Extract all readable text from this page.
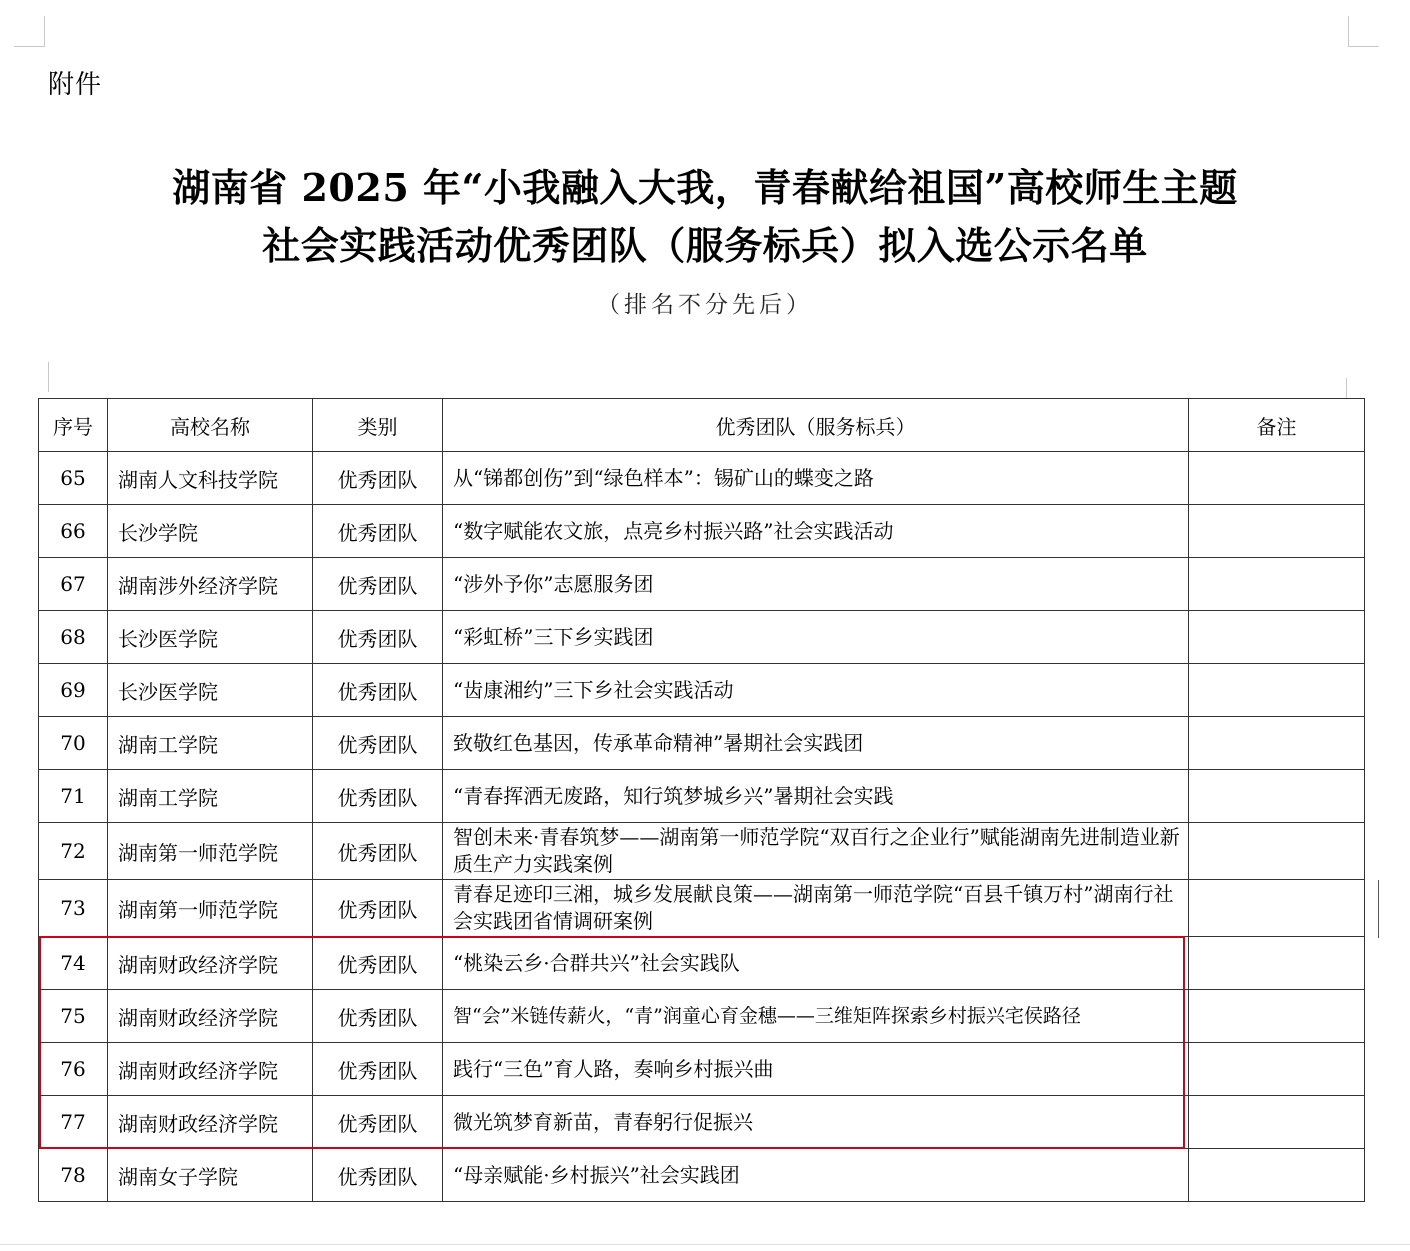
附件
湖南省 2025 年“小我融入大我，青春献给祖国”高校师生主题
社会实践活动优秀团队（服务标兵）拟入选公示名单
（排名不分先后）
序号	高校名称	类别	优秀团队（服务标兵）	备注
65	湖南人文科技学院	优秀团队	从“锑都创伤”到“绿色样本”：锡矿山的蝶变之路	
66	长沙学院	优秀团队	“数字赋能农文旅，点亮乡村振兴路”社会实践活动	
67	湖南涉外经济学院	优秀团队	“涉外予你”志愿服务团	
68	长沙医学院	优秀团队	“彩虹桥”三下乡实践团	
69	长沙医学院	优秀团队	“齿康湘约”三下乡社会实践活动	
70	湖南工学院	优秀团队	致敬红色基因，传承革命精神”暑期社会实践团	
71	湖南工学院	优秀团队	“青春挥洒无废路，知行筑梦城乡兴”暑期社会实践	
72	湖南第一师范学院	优秀团队	智创未来·青春筑梦——湖南第一师范学院“双百行之企业行”赋能湖南先进制造业新质生产力实践案例	
73	湖南第一师范学院	优秀团队	青春足迹印三湘，城乡发展献良策——湖南第一师范学院“百县千镇万村”湖南行社会实践团省情调研案例	
74	湖南财政经济学院	优秀团队	“桃染云乡·合群共兴”社会实践队	
75	湖南财政经济学院	优秀团队	智“会”米链传薪火，“青”润童心育金穗——三维矩阵探索乡村振兴宅侯路径	
76	湖南财政经济学院	优秀团队	践行“三色”育人路，奏响乡村振兴曲	
77	湖南财政经济学院	优秀团队	微光筑梦育新苗，青春躬行促振兴	
78	湖南女子学院	优秀团队	“母亲赋能·乡村振兴”社会实践团	
